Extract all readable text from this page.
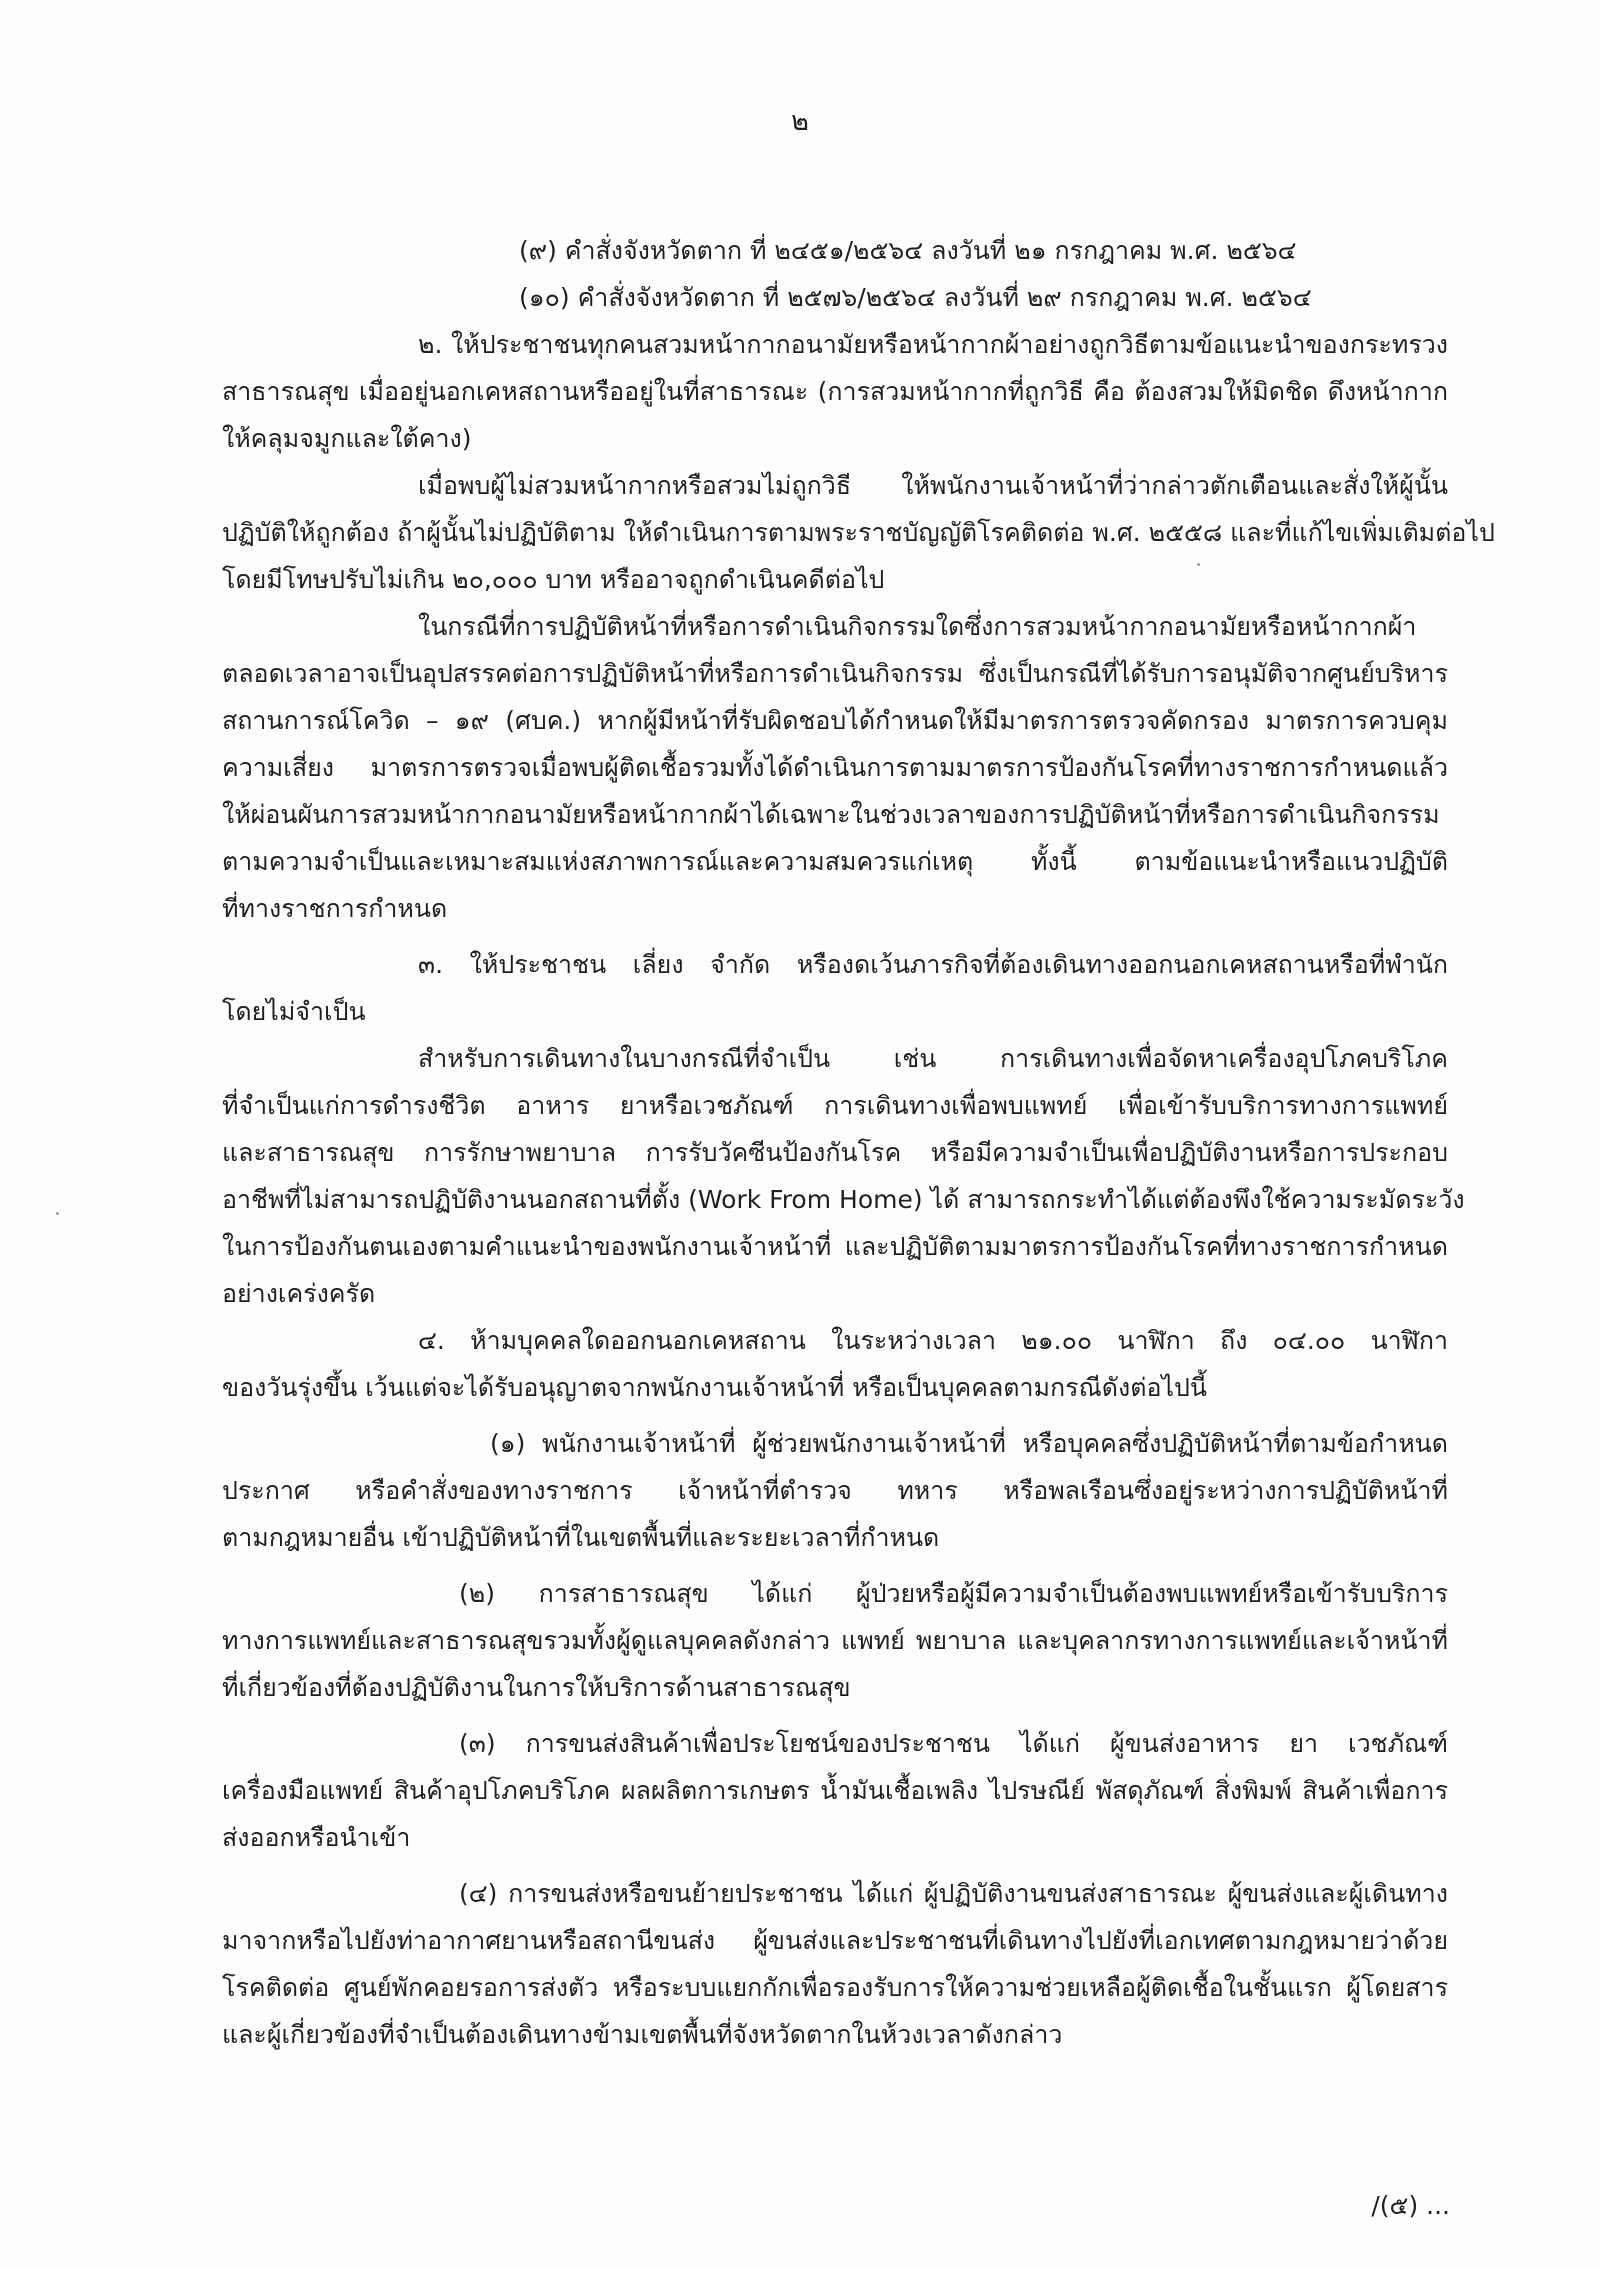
๒
(๙) คำสั่งจังหวัดตาก ที่ ๒๔๕๑/๒๕๖๔ ลงวันที่ ๒๑ กรกฎาคม พ.ศ. ๒๕๖๔
(๑๐) คำสั่งจังหวัดตาก ที่ ๒๕๗๖/๒๕๖๔ ลงวันที่ ๒๙ กรกฎาคม พ.ศ. ๒๕๖๔
๒. ให้ประชาชนทุกคนสวมหน้ากากอนามัยหรือหน้ากากผ้าอย่างถูกวิธีตามข้อแนะนำของกระทรวง
สาธารณสุข เมื่ออยู่นอกเคหสถานหรืออยู่ในที่สาธารณะ (การสวมหน้ากากที่ถูกวิธี คือ ต้องสวมให้มิดชิด ดึงหน้ากาก
ให้คลุมจมูกและใต้คาง)
เมื่อพบผู้ไม่สวมหน้ากากหรือสวมไม่ถูกวิธี ให้พนักงานเจ้าหน้าที่ว่ากล่าวตักเตือนและสั่งให้ผู้นั้น
ปฏิบัติให้ถูกต้อง ถ้าผู้นั้นไม่ปฏิบัติตาม ให้ดำเนินการตามพระราชบัญญัติโรคติดต่อ พ.ศ. ๒๕๕๘ และที่แก้ไขเพิ่มเติมต่อไป
โดยมีโทษปรับไม่เกิน ๒๐,๐๐๐ บาท หรืออาจถูกดำเนินคดีต่อไป
ในกรณีที่การปฏิบัติหน้าที่หรือการดำเนินกิจกรรมใดซึ่งการสวมหน้ากากอนามัยหรือหน้ากากผ้า
ตลอดเวลาอาจเป็นอุปสรรคต่อการปฏิบัติหน้าที่หรือการดำเนินกิจกรรม ซึ่งเป็นกรณีที่ได้รับการอนุมัติจากศูนย์บริหาร
สถานการณ์โควิด – ๑๙ (ศบค.) หากผู้มีหน้าที่รับผิดชอบได้กำหนดให้มีมาตรการตรวจคัดกรอง มาตรการควบคุม
ความเสี่ยง มาตรการตรวจเมื่อพบผู้ติดเชื้อรวมทั้งได้ดำเนินการตามมาตรการป้องกันโรคที่ทางราชการกำหนดแล้ว
ให้ผ่อนผันการสวมหน้ากากอนามัยหรือหน้ากากผ้าได้เฉพาะในช่วงเวลาของการปฏิบัติหน้าที่หรือการดำเนินกิจกรรม
ตามความจำเป็นและเหมาะสมแห่งสภาพการณ์และความสมควรแก่เหตุ ทั้งนี้ ตามข้อแนะนำหรือแนวปฏิบัติ
ที่ทางราชการกำหนด
๓. ให้ประชาชน เลี่ยง จำกัด หรืองดเว้นภารกิจที่ต้องเดินทางออกนอกเคหสถานหรือที่พำนัก
โดยไม่จำเป็น
สำหรับการเดินทางในบางกรณีที่จำเป็น เช่น การเดินทางเพื่อจัดหาเครื่องอุปโภคบริโภค
ที่จำเป็นแก่การดำรงชีวิต อาหาร ยาหรือเวชภัณฑ์ การเดินทางเพื่อพบแพทย์ เพื่อเข้ารับบริการทางการแพทย์
และสาธารณสุข การรักษาพยาบาล การรับวัคซีนป้องกันโรค หรือมีความจำเป็นเพื่อปฏิบัติงานหรือการประกอบ
อาชีพที่ไม่สามารถปฏิบัติงานนอกสถานที่ตั้ง (Work From Home) ได้ สามารถกระทำได้แต่ต้องพึงใช้ความระมัดระวัง
ในการป้องกันตนเองตามคำแนะนำของพนักงานเจ้าหน้าที่ และปฏิบัติตามมาตรการป้องกันโรคที่ทางราชการกำหนด
อย่างเคร่งครัด
๔. ห้ามบุคคลใดออกนอกเคหสถาน ในระหว่างเวลา ๒๑.๐๐ นาฬิกา ถึง ๐๔.๐๐ นาฬิกา
ของวันรุ่งขึ้น เว้นแต่จะได้รับอนุญาตจากพนักงานเจ้าหน้าที่ หรือเป็นบุคคลตามกรณีดังต่อไปนี้
(๑) พนักงานเจ้าหน้าที่ ผู้ช่วยพนักงานเจ้าหน้าที่ หรือบุคคลซึ่งปฏิบัติหน้าที่ตามข้อกำหนด
ประกาศ หรือคำสั่งของทางราชการ เจ้าหน้าที่ตำรวจ ทหาร หรือพลเรือนซึ่งอยู่ระหว่างการปฏิบัติหน้าที่
ตามกฎหมายอื่น เข้าปฏิบัติหน้าที่ในเขตพื้นที่และระยะเวลาที่กำหนด
(๒) การสาธารณสุข ได้แก่ ผู้ป่วยหรือผู้มีความจำเป็นต้องพบแพทย์หรือเข้ารับบริการ
ทางการแพทย์และสาธารณสุขรวมทั้งผู้ดูแลบุคคลดังกล่าว แพทย์ พยาบาล และบุคลากรทางการแพทย์และเจ้าหน้าที่
ที่เกี่ยวข้องที่ต้องปฏิบัติงานในการให้บริการด้านสาธารณสุข
(๓) การขนส่งสินค้าเพื่อประโยชน์ของประชาชน ได้แก่ ผู้ขนส่งอาหาร ยา เวชภัณฑ์
เครื่องมือแพทย์ สินค้าอุปโภคบริโภค ผลผลิตการเกษตร น้ำมันเชื้อเพลิง ไปรษณีย์ พัสดุภัณฑ์ สิ่งพิมพ์ สินค้าเพื่อการ
ส่งออกหรือนำเข้า
(๔) การขนส่งหรือขนย้ายประชาชน ได้แก่ ผู้ปฏิบัติงานขนส่งสาธารณะ ผู้ขนส่งและผู้เดินทาง
มาจากหรือไปยังท่าอากาศยานหรือสถานีขนส่ง ผู้ขนส่งและประชาชนที่เดินทางไปยังที่เอกเทศตามกฎหมายว่าด้วย
โรคติดต่อ ศูนย์พักคอยรอการส่งตัว หรือระบบแยกกักเพื่อรองรับการให้ความช่วยเหลือผู้ติดเชื้อในชั้นแรก ผู้โดยสาร
และผู้เกี่ยวข้องที่จำเป็นต้องเดินทางข้ามเขตพื้นที่จังหวัดตากในห้วงเวลาดังกล่าว
/(๕) ...
